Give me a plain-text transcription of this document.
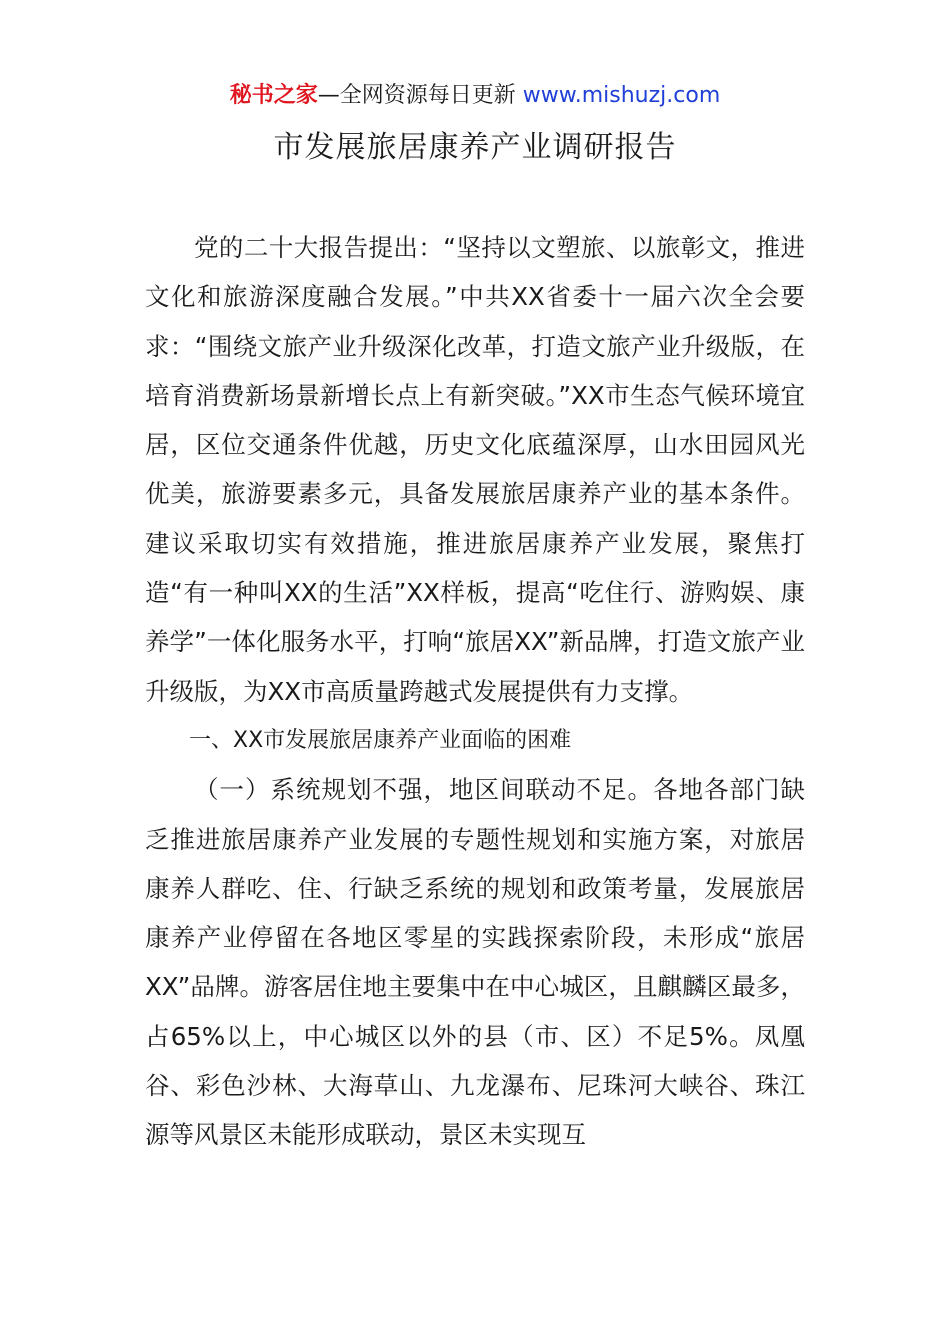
秘书之家—全网资源每日更新 www.mishuzj.com
市发展旅居康养产业调研报告

党的二十大报告提出：“坚持以文塑旅、以旅彰文，推进文化和旅游深度融合发展。”中共XX省委十一届六次全会要求：“围绕文旅产业升级深化改革，打造文旅产业升级版，在培育消费新场景新增长点上有新突破。”XX市生态气候环境宜居，区位交通条件优越，历史文化底蕴深厚，山水田园风光优美，旅游要素多元，具备发展旅居康养产业的基本条件。建议采取切实有效措施，推进旅居康养产业发展，聚焦打造“有一种叫XX的生活”XX样板，提高“吃住行、游购娱、康养学”一体化服务水平，打响“旅居XX”新品牌，打造文旅产业升级版，为XX市高质量跨越式发展提供有力支撑。

一、XX市发展旅居康养产业面临的困难

（一）系统规划不强，地区间联动不足。各地各部门缺乏推进旅居康养产业发展的专题性规划和实施方案，对旅居康养人群吃、住、行缺乏系统的规划和政策考量，发展旅居康养产业停留在各地区零星的实践探索阶段，未形成“旅居XX”品牌。游客居住地主要集中在中心城区，且麒麟区最多，占65%以上，中心城区以外的县（市、区）不足5%。凤凰谷、彩色沙林、大海草山、九龙瀑布、尼珠河大峡谷、珠江源等风景区未能形成联动，景区未实现互
